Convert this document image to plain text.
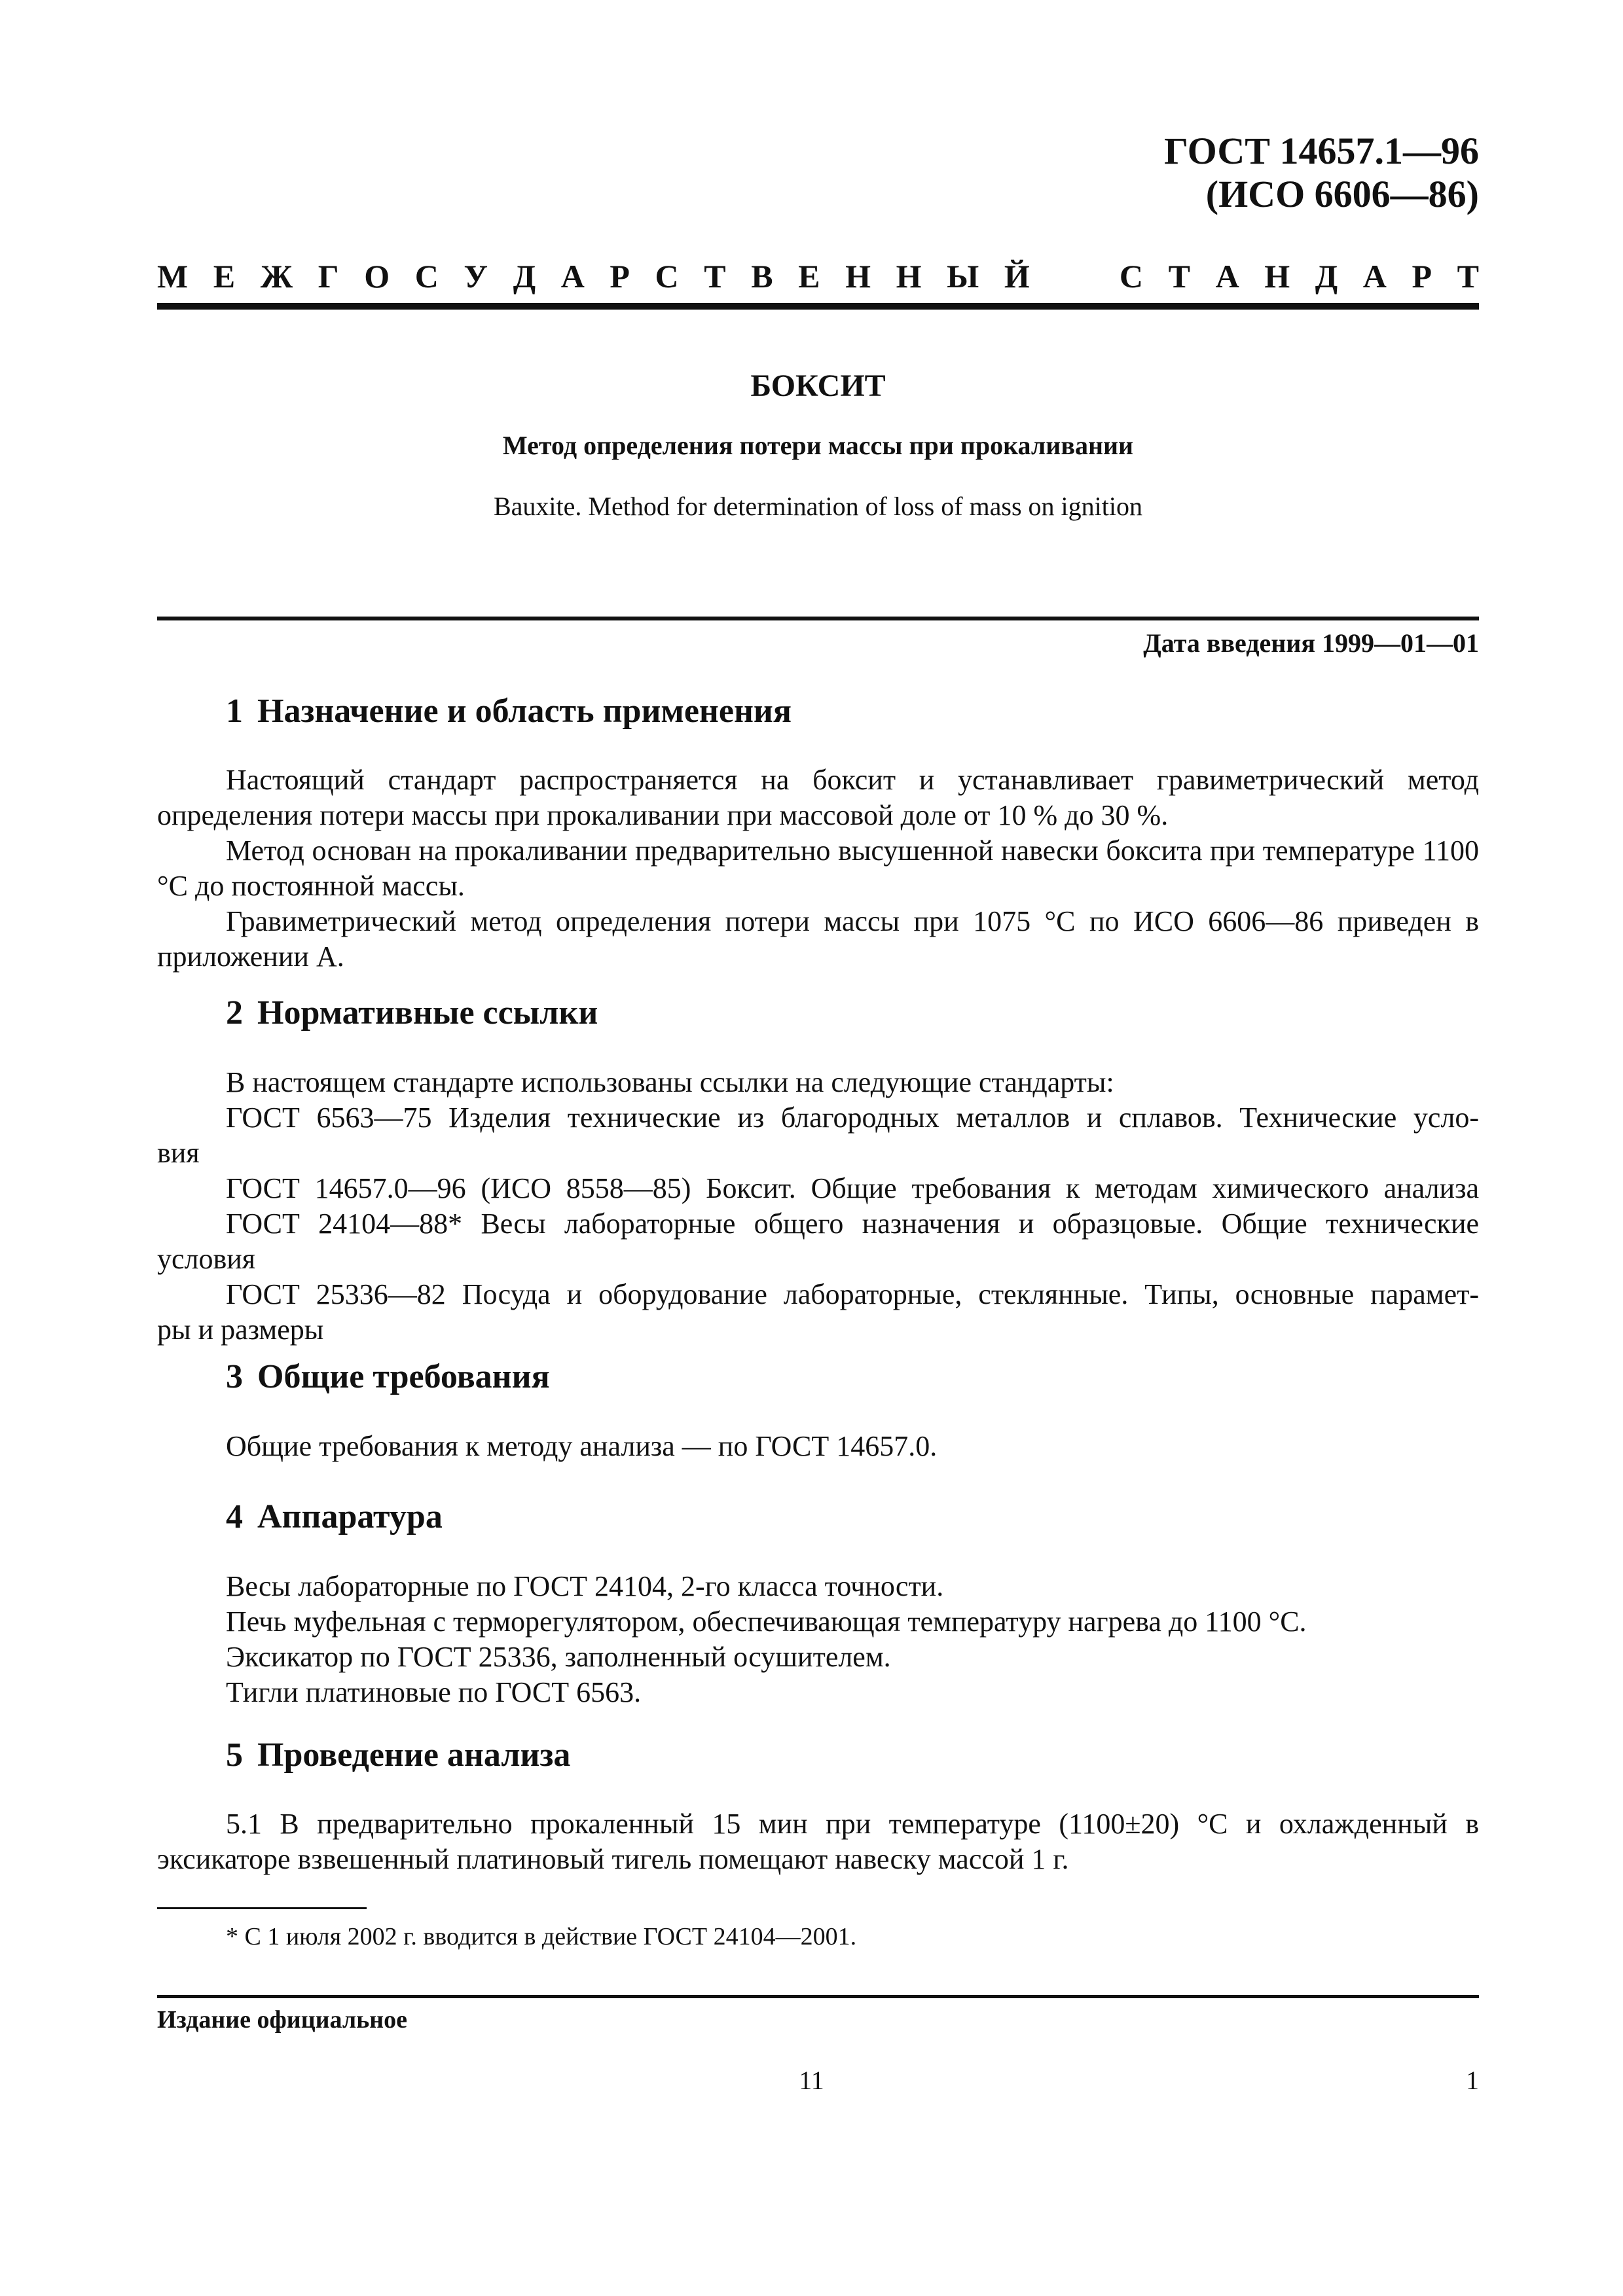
ГОСТ 14657.1—96
(ИСО 6606—86)
М Е Ж Г О С У Д А Р С Т В Е Н Н Ы Й	С Т А Н Д А Р Т
БОКСИТ
Метод определения потери массы при прокаливании
Bauxite. Method for determination of loss of mass on ignition
Дата введения 1999—01—01
1 Назначение и область применения
Настоящий стандарт распространяется на боксит и устанавливает гравиметрический метод определения потери массы при прокаливании при массовой доле от 10 % до 30 %.
Метод основан на прокаливании предварительно высушенной навески боксита при температуре 1100 °С до постоянной массы.
Гравиметрический метод определения потери массы при 1075 °С по ИСО 6606—86 приведен в приложении А.
2 Нормативные ссылки
В настоящем стандарте использованы ссылки на следующие стандарты:
ГОСТ 6563—75 Изделия технические из благородных металлов и сплавов. Технические усло-
вия
ГОСТ 14657.0—96 (ИСО 8558—85) Боксит. Общие требования к методам химического анализа
ГОСТ 24104—88* Весы лабораторные общего назначения и образцовые. Общие технические
условия
ГОСТ 25336—82 Посуда и оборудование лабораторные, стеклянные. Типы, основные парамет-
ры и размеры
3 Общие требования
Общие требования к методу анализа — по ГОСТ 14657.0.
4 Аппаратура
Весы лабораторные по ГОСТ 24104, 2-го класса точности.
Печь муфельная с терморегулятором, обеспечивающая температуру нагрева до 1100 °С.
Эксикатор по ГОСТ 25336, заполненный осушителем.
Тигли платиновые по ГОСТ 6563.
5 Проведение анализа
5.1 В предварительно прокаленный 15 мин при температуре (1100±20) °С и охлажденный в эксикаторе взвешенный платиновый тигель помещают навеску массой 1 г.
* С 1 июля 2002 г. вводится в действие ГОСТ 24104—2001.
Издание официальное
11	1
